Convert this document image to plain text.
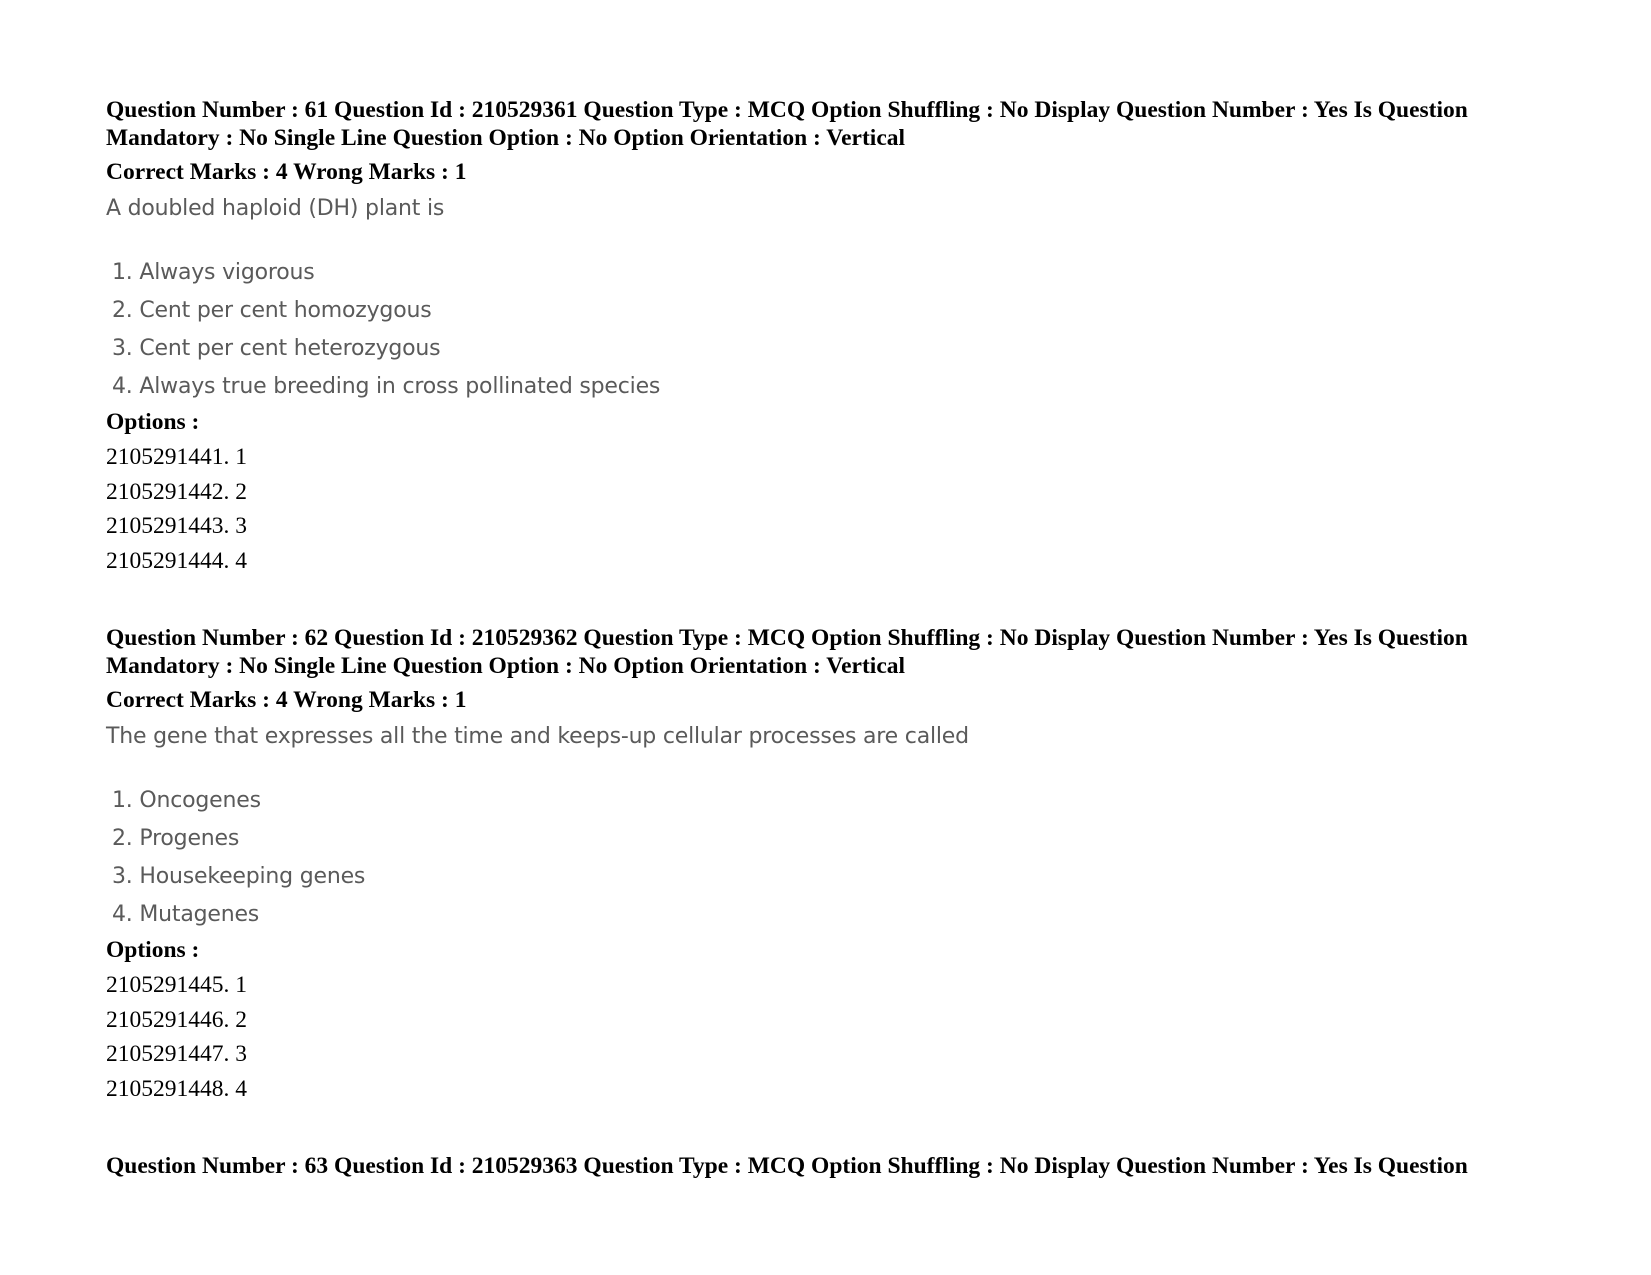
Question Number : 61 Question Id : 210529361 Question Type : MCQ Option Shuffling : No Display Question Number : Yes Is Question
Mandatory : No Single Line Question Option : No Option Orientation : Vertical
Correct Marks : 4 Wrong Marks : 1
A doubled haploid (DH) plant is
1. Always vigorous
2. Cent per cent homozygous
3. Cent per cent heterozygous
4. Always true breeding in cross pollinated species
Options :
2105291441. 1
2105291442. 2
2105291443. 3
2105291444. 4
Question Number : 62 Question Id : 210529362 Question Type : MCQ Option Shuffling : No Display Question Number : Yes Is Question
Mandatory : No Single Line Question Option : No Option Orientation : Vertical
Correct Marks : 4 Wrong Marks : 1
The gene that expresses all the time and keeps-up cellular processes are called
1. Oncogenes
2. Progenes
3. Housekeeping genes
4. Mutagenes
Options :
2105291445. 1
2105291446. 2
2105291447. 3
2105291448. 4
Question Number : 63 Question Id : 210529363 Question Type : MCQ Option Shuffling : No Display Question Number : Yes Is Question
